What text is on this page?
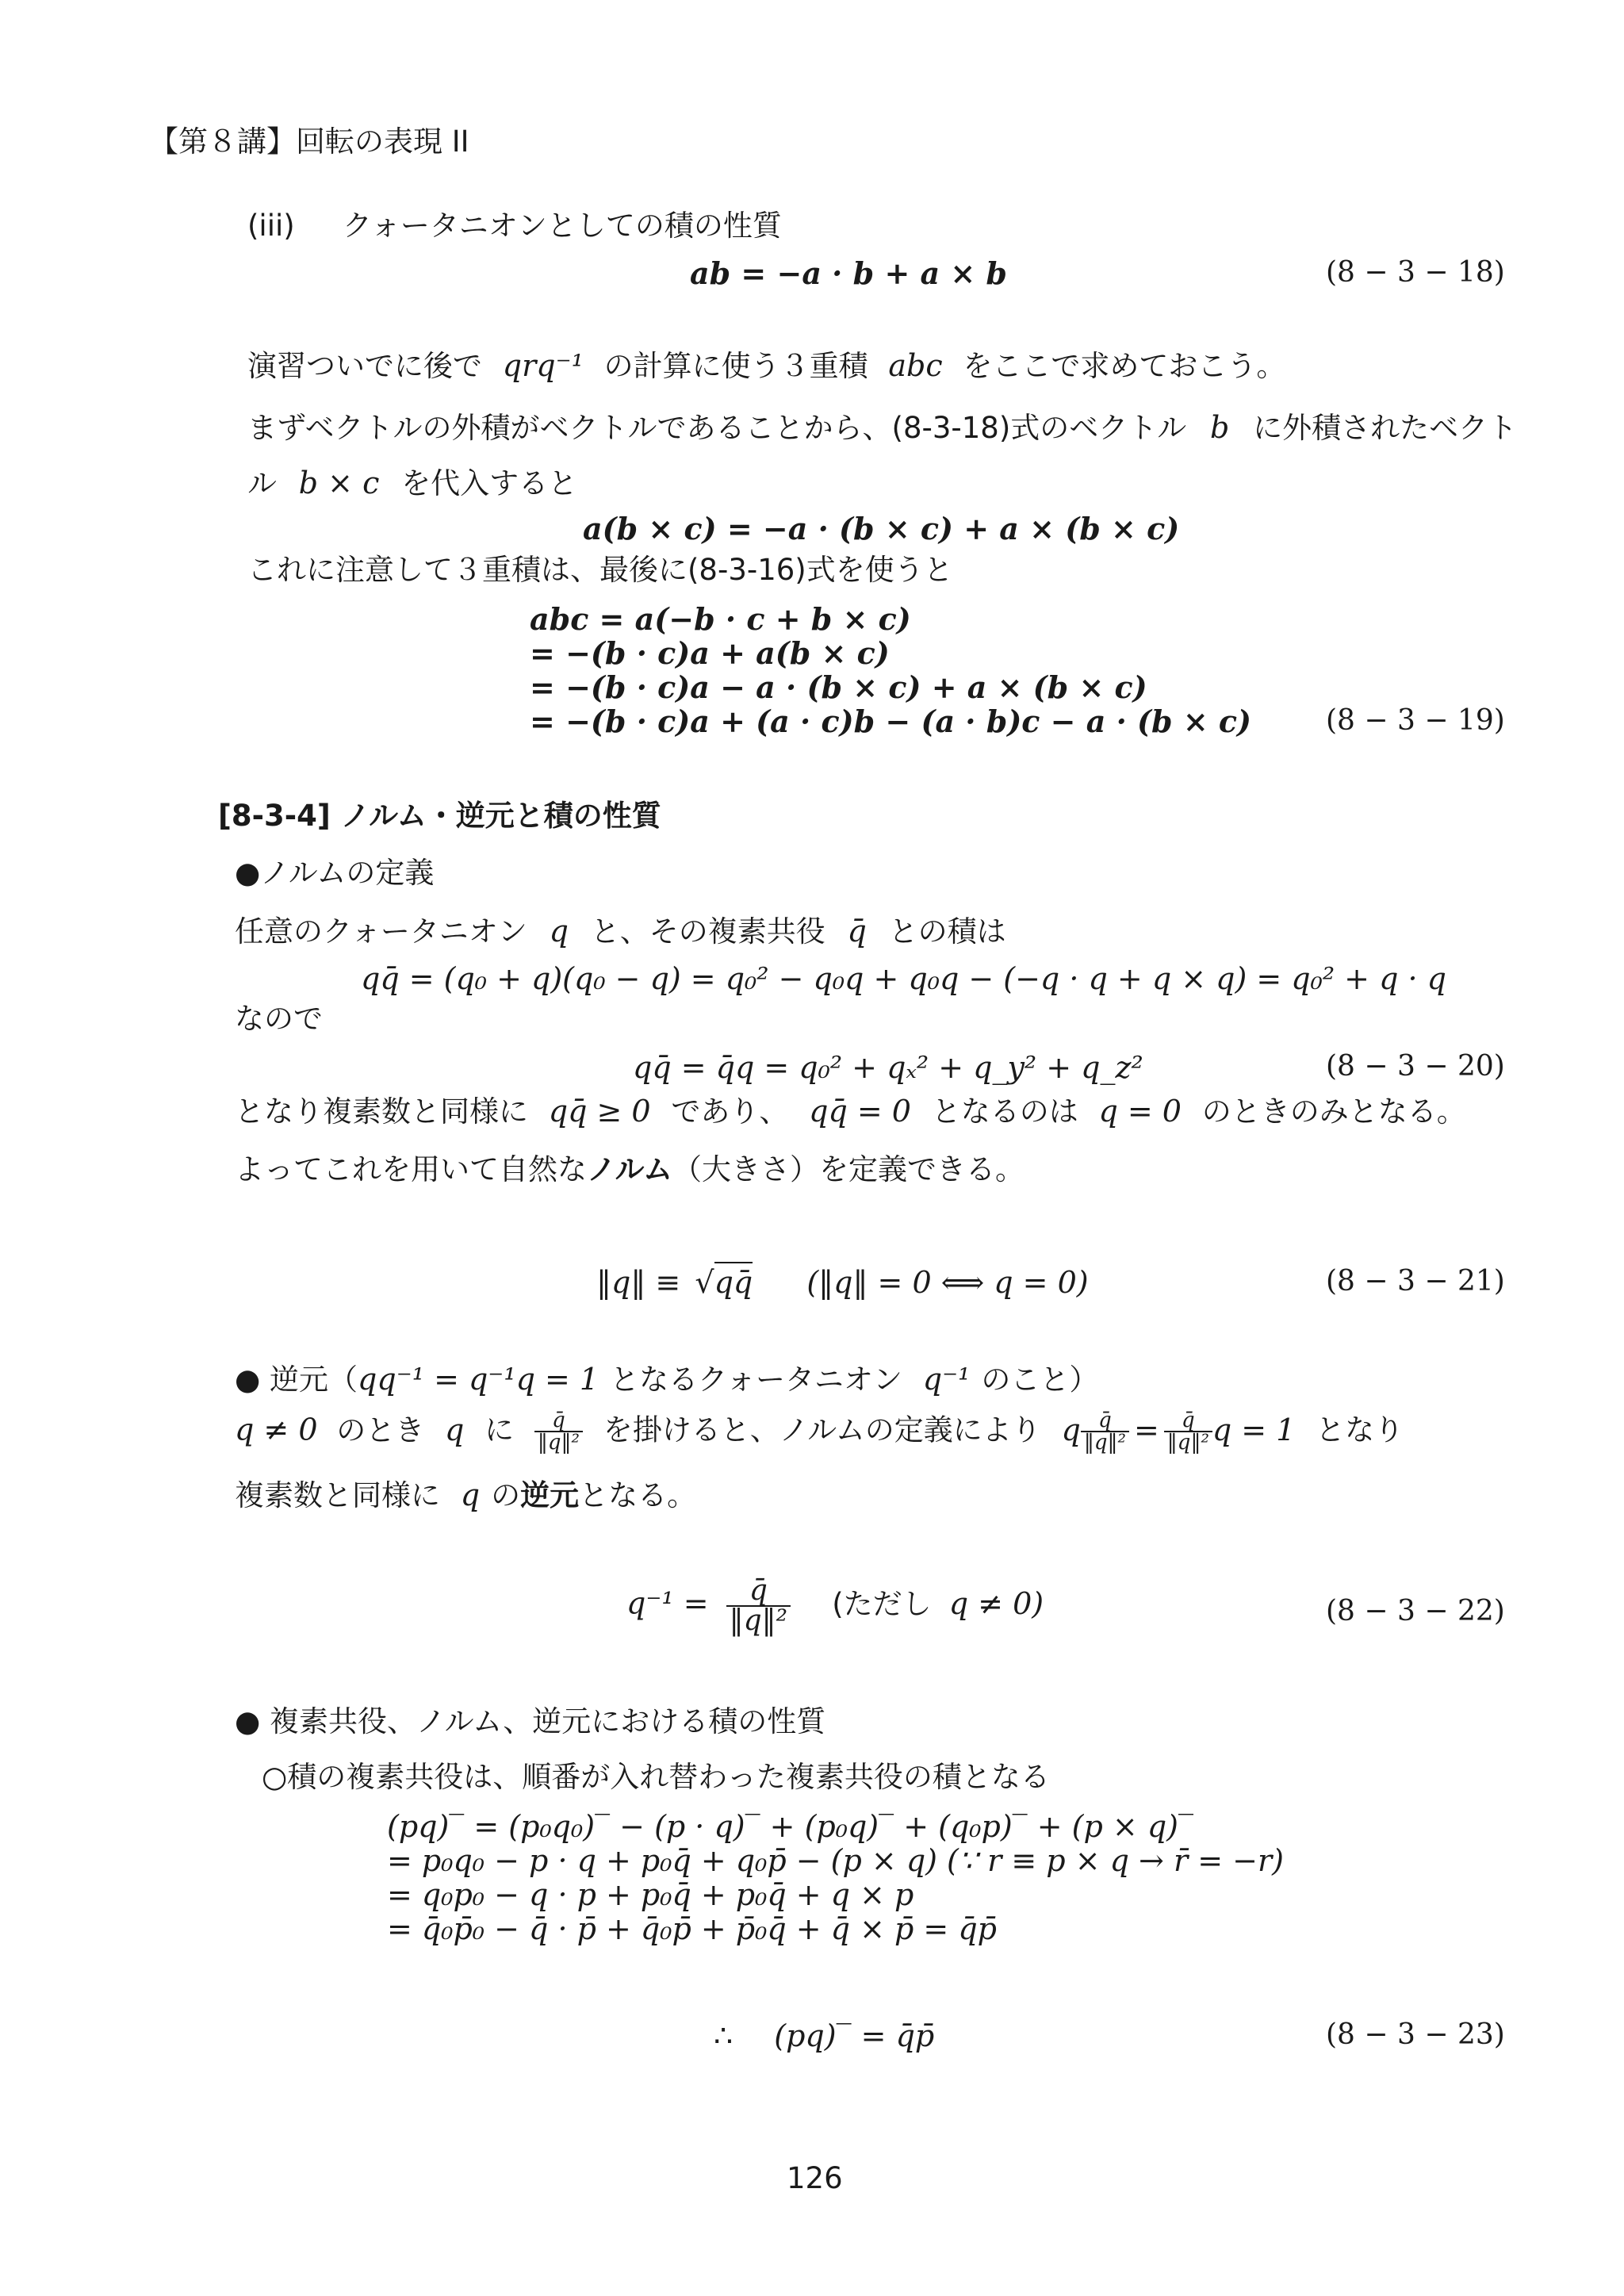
【第８講】回転の表現 II
(iii) クォータニオンとしての積の性質
ab = −a · b + a × b	(8 − 3 − 18)
演習ついでに後で qrq⁻¹ の計算に使う３重積 abc をここで求めておこう。
まずベクトルの外積がベクトルであることから、(8-3-18)式のベクトル b に外積されたベクト
ル b × c を代入すると
a(b × c) = −a · (b × c) + a × (b × c)
これに注意して３重積は、最後に(8-3-16)式を使うと
abc = a(−b · c + b × c)
= −(b · c)a + a(b × c)
= −(b · c)a − a · (b × c) + a × (b × c)
= −(b · c)a + (a · c)b − (a · b)c − a · (b × c)	(8 − 3 − 19)
[8-3-4] ノルム・逆元と積の性質
●ノルムの定義
任意のクォータニオン q と、その複素共役 q̄ との積は
qq̄ = (q₀ + q)(q₀ − q) = q₀² − q₀q + q₀q − (−q · q + q × q) = q₀² + q · q
なので
qq̄ = q̄q = q₀² + qₓ² + q_y² + q_z²	(8 − 3 − 20)
となり複素数と同様に qq̄ ≥ 0 であり、 qq̄ = 0 となるのは q = 0 のときのみとなる。
よってこれを用いて自然なノルム（大きさ）を定義できる。
‖q‖ ≡ √qq̄ (‖q‖ = 0 ⟺ q = 0)	(8 − 3 − 21)
● 逆元（qq⁻¹ = q⁻¹q = 1 となるクォータニオン q⁻¹ のこと）
q ≠ 0 のとき q に $\frac{q̄}{\text{‖q‖²}}$ を掛けると、ノルムの定義により q $\frac{q̄}{\text{‖q‖²}} = \frac{q̄}{\text{‖q‖²}}$ q = 1 となり
複素数と同様に q の逆元となる。
$q^{-1} = \frac{q̄}{\text{‖q‖²}}$ (ただし q ≠ 0)	(8 − 3 − 22)
● 複素共役、ノルム、逆元における積の性質
○積の複素共役は、順番が入れ替わった複素共役の積となる
(pq)‾ = (p₀q₀)‾ − (p · q)‾ + (p₀q)‾ + (q₀p)‾ + (p × q)‾
= p₀q₀ − p · q + p₀q̄ + q₀p̄ − (p × q) (∵ r ≡ p × q → r̄ = −r)
= q₀p₀ − q · p + p₀q̄ + p₀q̄ + q × p
= q̄₀p̄₀ − q̄ · p̄ + q̄₀p̄ + p̄₀q̄ + q̄ × p̄ = q̄p̄
∴ (pq)‾ = q̄p̄	(8 − 3 − 23)
126
